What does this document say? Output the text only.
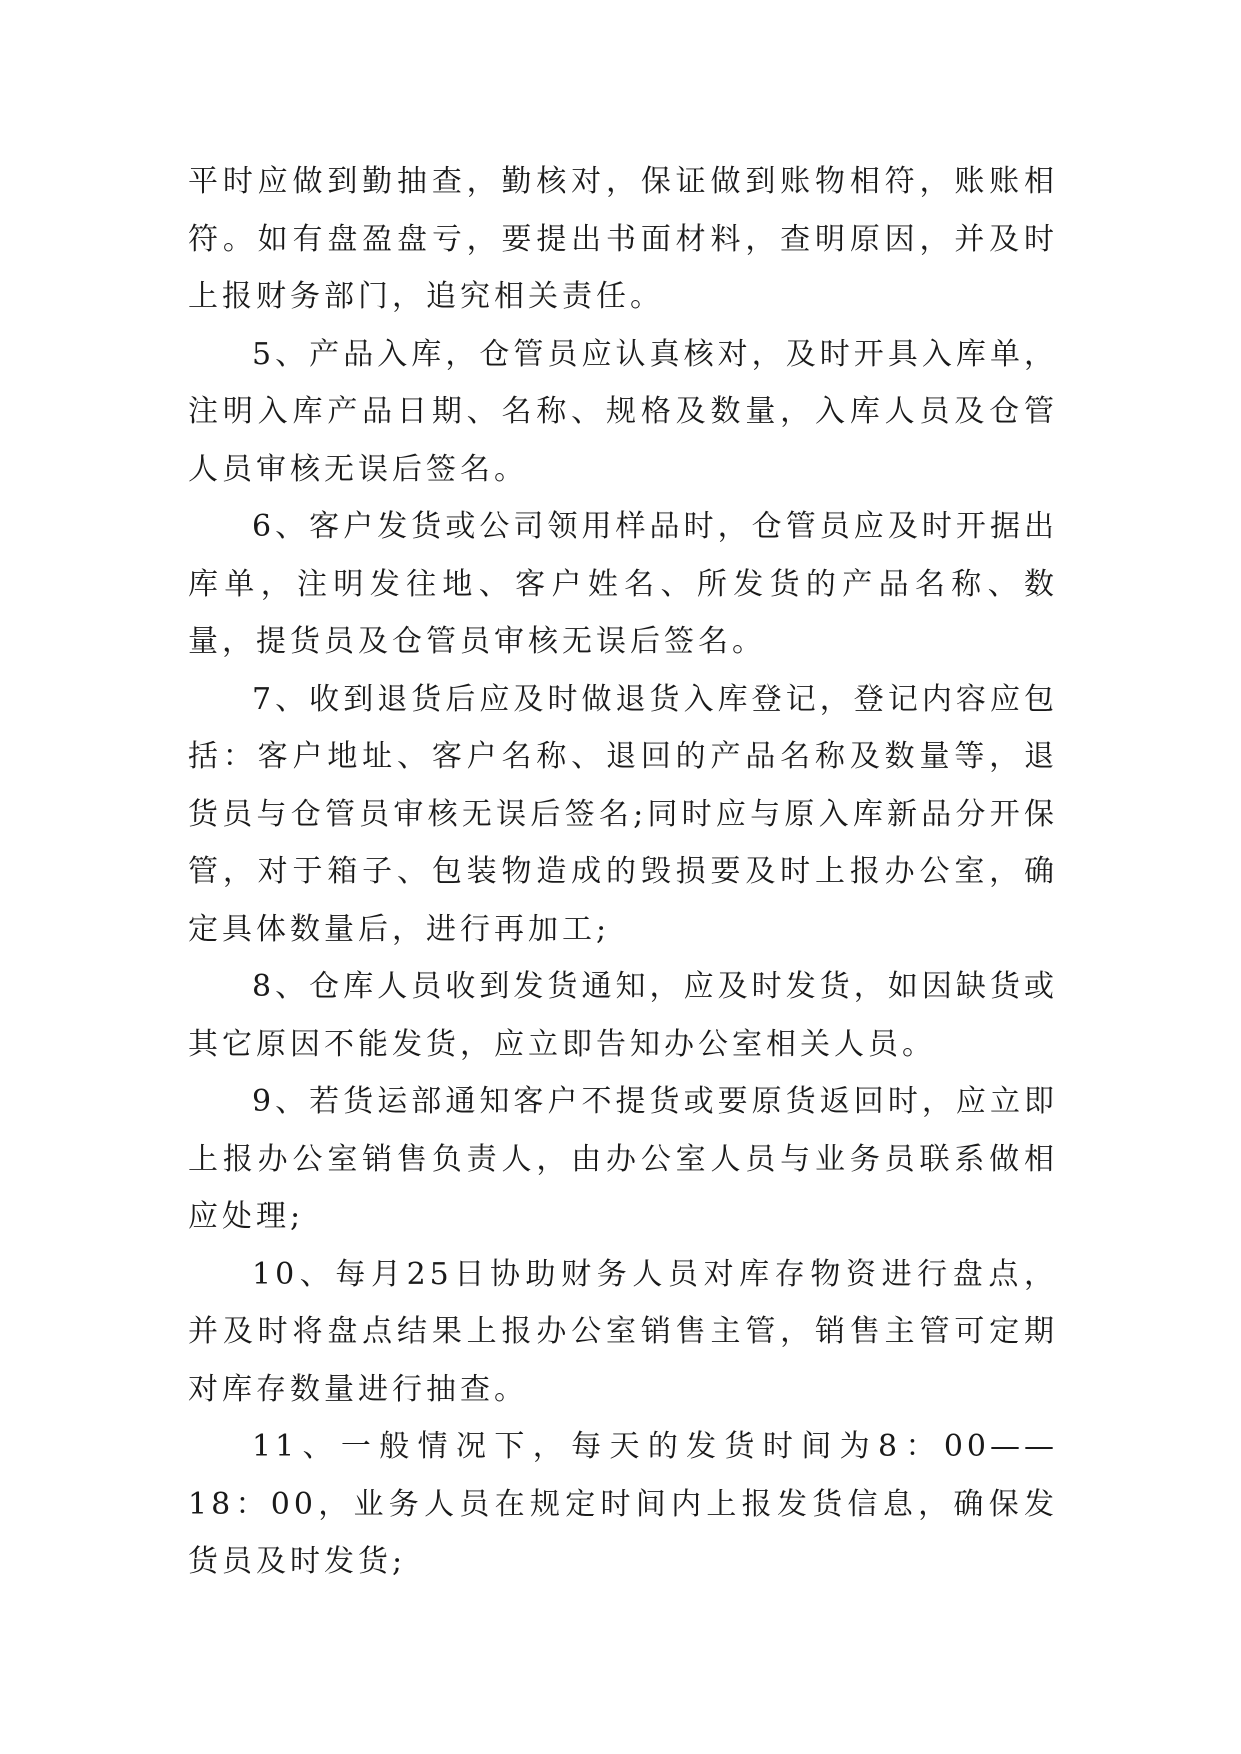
平时应做到勤抽查，勤核对，保证做到账物相符，账账相符。如有盘盈盘亏，要提出书面材料，查明原因，并及时上报财务部门，追究相关责任。

5、产品入库，仓管员应认真核对，及时开具入库单，注明入库产品日期、名称、规格及数量，入库人员及仓管人员审核无误后签名。

6、客户发货或公司领用样品时，仓管员应及时开据出库单，注明发往地、客户姓名、所发货的产品名称、数量，提货员及仓管员审核无误后签名。

7、收到退货后应及时做退货入库登记，登记内容应包括：客户地址、客户名称、退回的产品名称及数量等，退货员与仓管员审核无误后签名;同时应与原入库新品分开保管，对于箱子、包装物造成的毁损要及时上报办公室，确定具体数量后，进行再加工;

8、仓库人员收到发货通知，应及时发货，如因缺货或其它原因不能发货，应立即告知办公室相关人员。

9、若货运部通知客户不提货或要原货返回时，应立即上报办公室销售负责人，由办公室人员与业务员联系做相应处理;

10、每月25日协助财务人员对库存物资进行盘点，并及时将盘点结果上报办公室销售主管，销售主管可定期对库存数量进行抽查。

11、一般情况下，每天的发货时间为8：00——18：00，业务人员在规定时间内上报发货信息，确保发货员及时发货;
